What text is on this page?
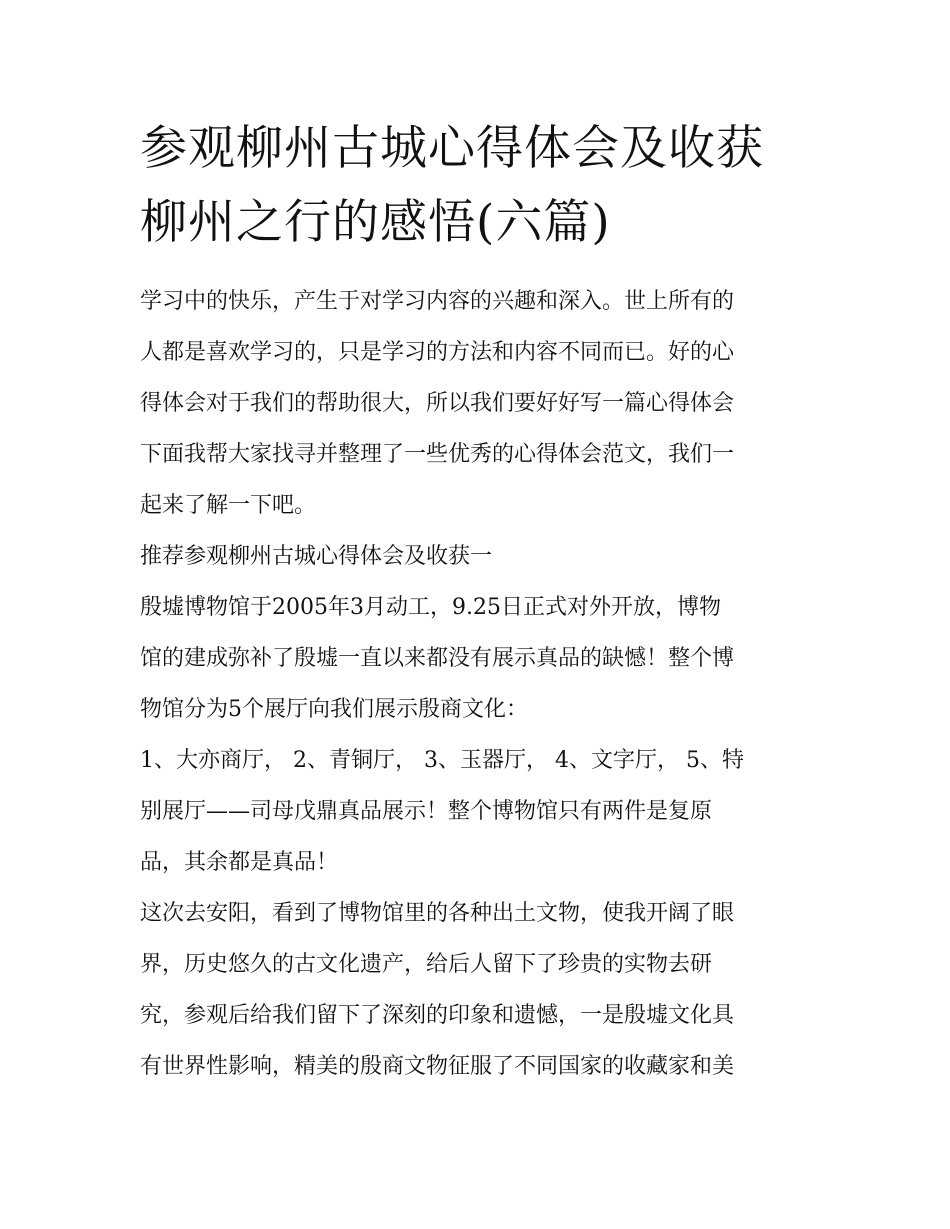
参观柳州古城心得体会及收获
柳州之行的感悟(六篇)

学习中的快乐，产生于对学习内容的兴趣和深入。世上所有的
人都是喜欢学习的，只是学习的方法和内容不同而已。好的心
得体会对于我们的帮助很大，所以我们要好好写一篇心得体会
下面我帮大家找寻并整理了一些优秀的心得体会范文，我们一
起来了解一下吧。

推荐参观柳州古城心得体会及收获一

殷墟博物馆于2005年3月动工，9.25日正式对外开放，博物
馆的建成弥补了殷墟一直以来都没有展示真品的缺憾！整个博
物馆分为5个展厅向我们展示殷商文化：

1、大亦商厅， 2、青铜厅， 3、玉器厅， 4、文字厅， 5、特
别展厅——司母戊鼎真品展示！整个博物馆只有两件是复原
品，其余都是真品！

这次去安阳，看到了博物馆里的各种出土文物，使我开阔了眼
界，历史悠久的古文化遗产，给后人留下了珍贵的实物去研
究，参观后给我们留下了深刻的印象和遗憾，一是殷墟文化具
有世界性影响，精美的殷商文物征服了不同国家的收藏家和美
